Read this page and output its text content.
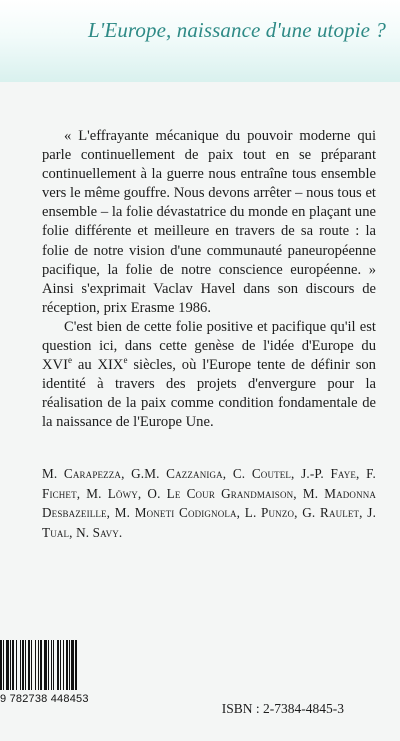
L'Europe, naissance d'une utopie ?

« L'effrayante mécanique du pouvoir moderne qui parle continuellement de paix tout en se préparant continuellement à la guerre nous entraîne tous ensemble vers le même gouffre. Nous devons arrêter – nous tous et ensemble – la folie dévastatrice du monde en plaçant une folie différente et meilleure en travers de sa route : la folie de notre vision d'une communauté paneuropéenne pacifique, la folie de notre conscience européenne. » Ainsi s'exprimait Vaclav Havel dans son discours de réception, prix Erasme 1986.

C'est bien de cette folie positive et pacifique qu'il est question ici, dans cette genèse de l'idée d'Europe du XVIe au XIXe siècles, où l'Europe tente de définir son identité à travers des projets d'envergure pour la réalisation de la paix comme condition fondamentale de la naissance de l'Europe Une.

M. Carapezza, G.M. Cazzaniga, C. Coutel, J.-P. Faye, F. Fichet, M. Löwy, O. Le Cour Grandmaison, M. Madonna Desbazeille, M. Moneti Codignola, L. Punzo, G. Raulet, J. Tual, N. Savy.
9 782738 448453
ISBN : 2-7384-4845-3
